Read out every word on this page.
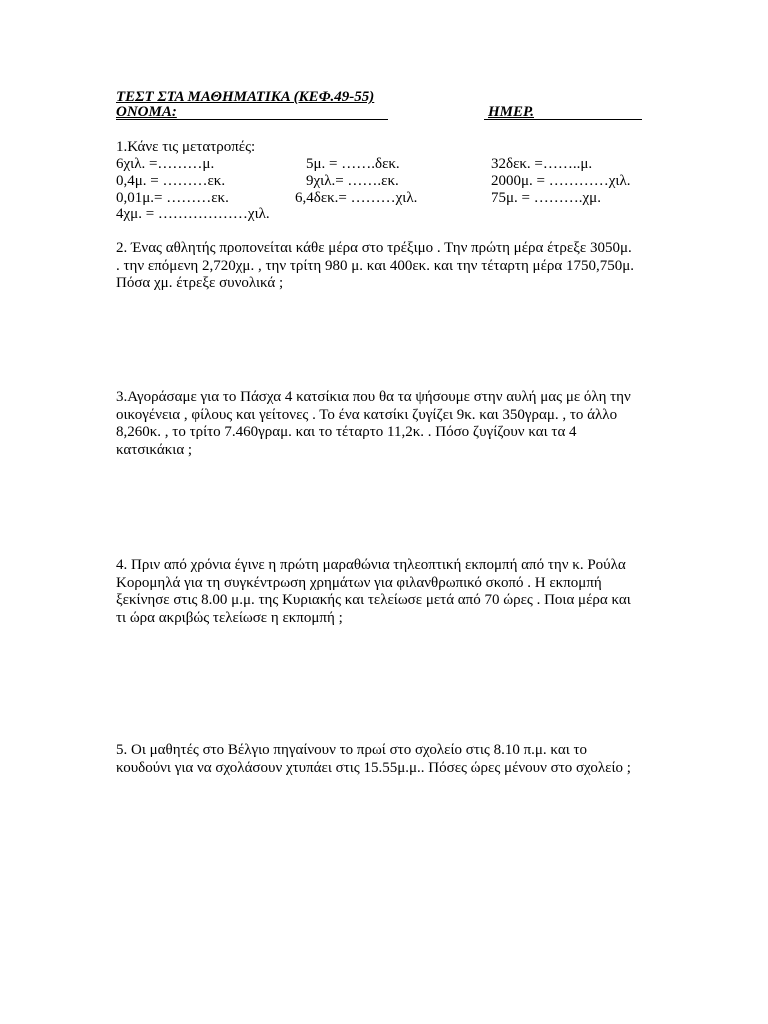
ΤΕΣΤ ΣΤΑ ΜΑΘΗΜΑΤΙΚΑ (ΚΕΦ.49-55)
ΟΝΟΜΑ:	ΗΜΕΡ.
1.Κάνε τις μετατροπές:
6χιλ. =………μ.	5μ. = …….δεκ.	32δεκ. =……..μ.
0,4μ. = ………εκ.	9χιλ.= …….εκ.	2000μ. = …………χιλ.
0,01μ.= ………εκ.	6,4δεκ.= ………χιλ.	75μ. = ……….χμ.
4χμ. = ………………χιλ.

2. Ένας αθλητής προπονείται κάθε μέρα στο τρέξιμο . Την πρώτη μέρα έτρεξε 3050μ.

. την επόμενη 2,720χμ. , την τρίτη 980 μ. και 400εκ. και την τέταρτη μέρα 1750,750μ.

Πόσα χμ. έτρεξε συνολικά ;

3.Αγοράσαμε για το Πάσχα 4 κατσίκια που θα τα ψήσουμε στην αυλή μας με όλη την

οικογένεια , φίλους και γείτονες . Το ένα κατσίκι ζυγίζει 9κ. και 350γραμ. , το άλλο

8,260κ. , το τρίτο 7.460γραμ. και το τέταρτο 11,2κ. . Πόσο ζυγίζουν και τα 4

κατσικάκια ;

4. Πριν από χρόνια έγινε η πρώτη μαραθώνια τηλεοπτική εκπομπή από την κ. Ρούλα

Κορομηλά για τη συγκέντρωση χρημάτων για φιλανθρωπικό σκοπό . Η εκπομπή

ξεκίνησε στις 8.00 μ.μ. της Κυριακής και τελείωσε μετά από 70 ώρες . Ποια μέρα και

τι ώρα ακριβώς τελείωσε η εκπομπή ;

5. Οι μαθητές στο Βέλγιο πηγαίνουν το πρωί στο σχολείο στις 8.10 π.μ. και το

κουδούνι για να σχολάσουν χτυπάει στις 15.55μ.μ.. Πόσες ώρες μένουν στο σχολείο ;
